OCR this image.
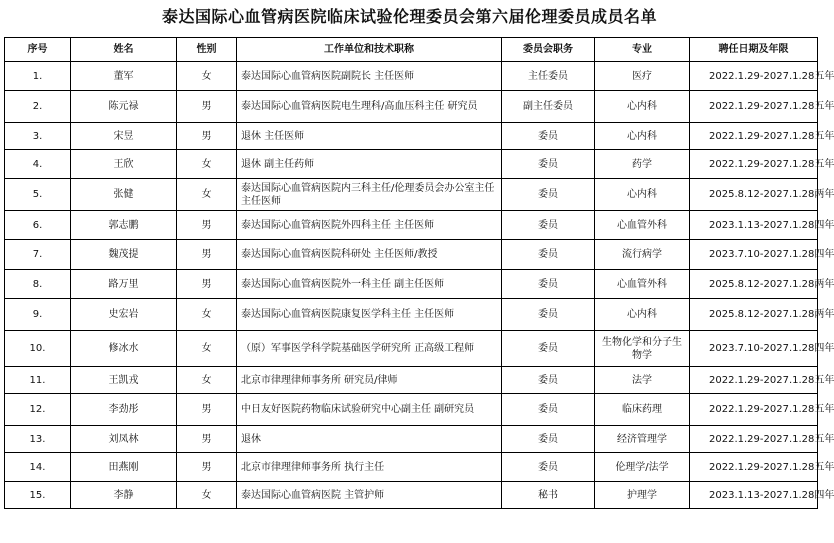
泰达国际心血管病医院临床试验伦理委员会第六届伦理委员成员名单
序号	姓名	性别	工作单位和技术职称	委员会职务	专业	聘任日期及年限
1.	董军	女	泰达国际心血管病医院副院长 主任医师	主任委员	医疗	2022.1.29-2027.1.28 五年

2.	陈元禄	男	泰达国际心血管病医院电生理科/高血压科主任 研究员	副主任委员	心内科	2022.1.29-2027.1.28 五年

3.	宋昱	男	退休 主任医师	委员	心内科	2022.1.29-2027.1.28 五年

4.	王欣	女	退休 副主任药师	委员	药学	2022.1.29-2027.1.28 五年

5.	张健	女	泰达国际心血管病医院内三科主任/伦理委员会办公室主任 主任医师	委员	心内科	2025.8.12-2027.1.28 两年

6.	郭志鹏	男	泰达国际心血管病医院外四科主任 主任医师	委员	心血管外科	2023.1.13-2027.1.28 四年

7.	魏茂提	男	泰达国际心血管病医院科研处 主任医师/教授	委员	流行病学	2023.7.10-2027.1.28 四年

8.	路万里	男	泰达国际心血管病医院外一科主任 副主任医师	委员	心血管外科	2025.8.12-2027.1.28 两年

9.	史宏岩	女	泰达国际心血管病医院康复医学科主任 主任医师	委员	心内科	2025.8.12-2027.1.28 两年

10.	修冰水	女	（原）军事医学科学院基础医学研究所 正高级工程师	委员	生物化学和分子生物学	2023.7.10-2027.1.28 四年

11.	王凯戎	女	北京市律理律师事务所 研究员/律师	委员	法学	2022.1.29-2027.1.28 五年

12.	李劲彤	男	中日友好医院药物临床试验研究中心副主任 副研究员	委员	临床药理	2022.1.29-2027.1.28 五年

13.	刘凤林	男	退休	委员	经济管理学	2022.1.29-2027.1.28 五年

14.	田燕刚	男	北京市律理律师事务所 执行主任	委员	伦理学/法学	2022.1.29-2027.1.28 五年

15.	李静	女	泰达国际心血管病医院 主管护师	秘书	护理学	2023.1.13-2027.1.28 四年
